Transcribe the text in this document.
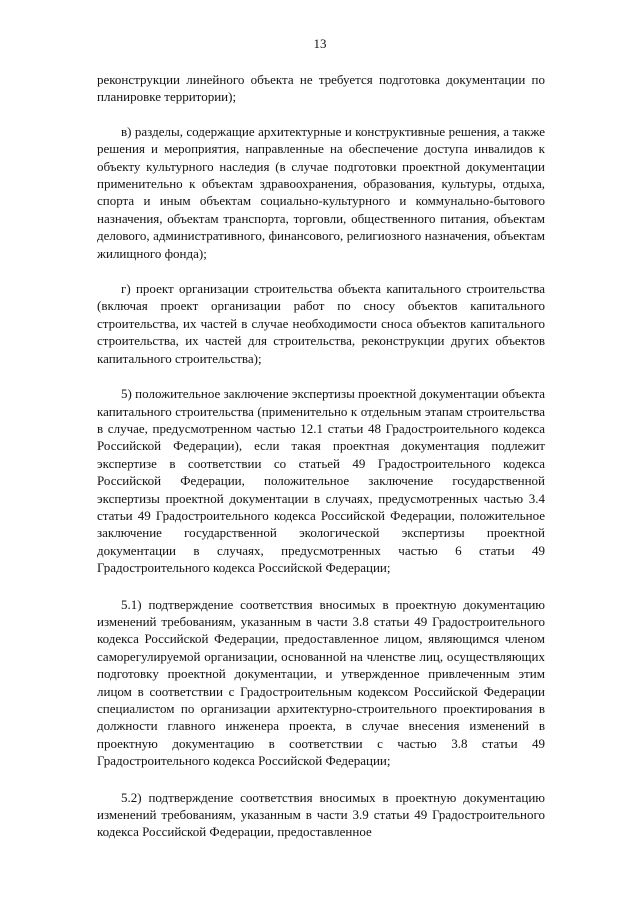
13

реконструкции линейного объекта не требуется подготовка документации по планировке территории);

в) разделы, содержащие архитектурные и конструктивные решения, а также решения и мероприятия, направленные на обеспечение доступа инвалидов к объекту культурного наследия (в случае подготовки проектной документации применительно к объектам здравоохранения, образования, культуры, отдыха, спорта и иным объектам социально-культурного и коммунально-бытового назначения, объектам транспорта, торговли, общественного питания, объектам делового, административного, финансового, религиозного назначения, объектам жилищного фонда);

г) проект организации строительства объекта капитального строительства (включая проект организации работ по сносу объектов капитального строительства, их частей в случае необходимости сноса объектов капитального строительства, их частей для строительства, реконструкции других объектов капитального строительства);

5) положительное заключение экспертизы проектной документации объекта капитального строительства (применительно к отдельным этапам строительства в случае, предусмотренном частью 12.1 статьи 48 Градостроительного кодекса Российской Федерации), если такая проектная документация подлежит экспертизе в соответствии со статьей 49 Градостроительного кодекса Российской Федерации, положительное заключение государственной экспертизы проектной документации в случаях, предусмотренных частью 3.4 статьи 49 Градостроительного кодекса Российской Федерации, положительное заключение государственной экологической экспертизы проектной документации в случаях, предусмотренных частью 6 статьи 49 Градостроительного кодекса Российской Федерации;

5.1) подтверждение соответствия вносимых в проектную документацию изменений требованиям, указанным в части 3.8 статьи 49 Градостроительного кодекса Российской Федерации, предоставленное лицом, являющимся членом саморегулируемой организации, основанной на членстве лиц, осуществляющих подготовку проектной документации, и утвержденное привлеченным этим лицом в соответствии с Градостроительным кодексом Российской Федерации специалистом по организации архитектурно-строительного проектирования в должности главного инженера проекта, в случае внесения изменений в проектную документацию в соответствии с частью 3.8 статьи 49 Градостроительного кодекса Российской Федерации;

5.2) подтверждение соответствия вносимых в проектную документацию изменений требованиям, указанным в части 3.9 статьи 49 Градостроительного кодекса Российской Федерации, предоставленное
